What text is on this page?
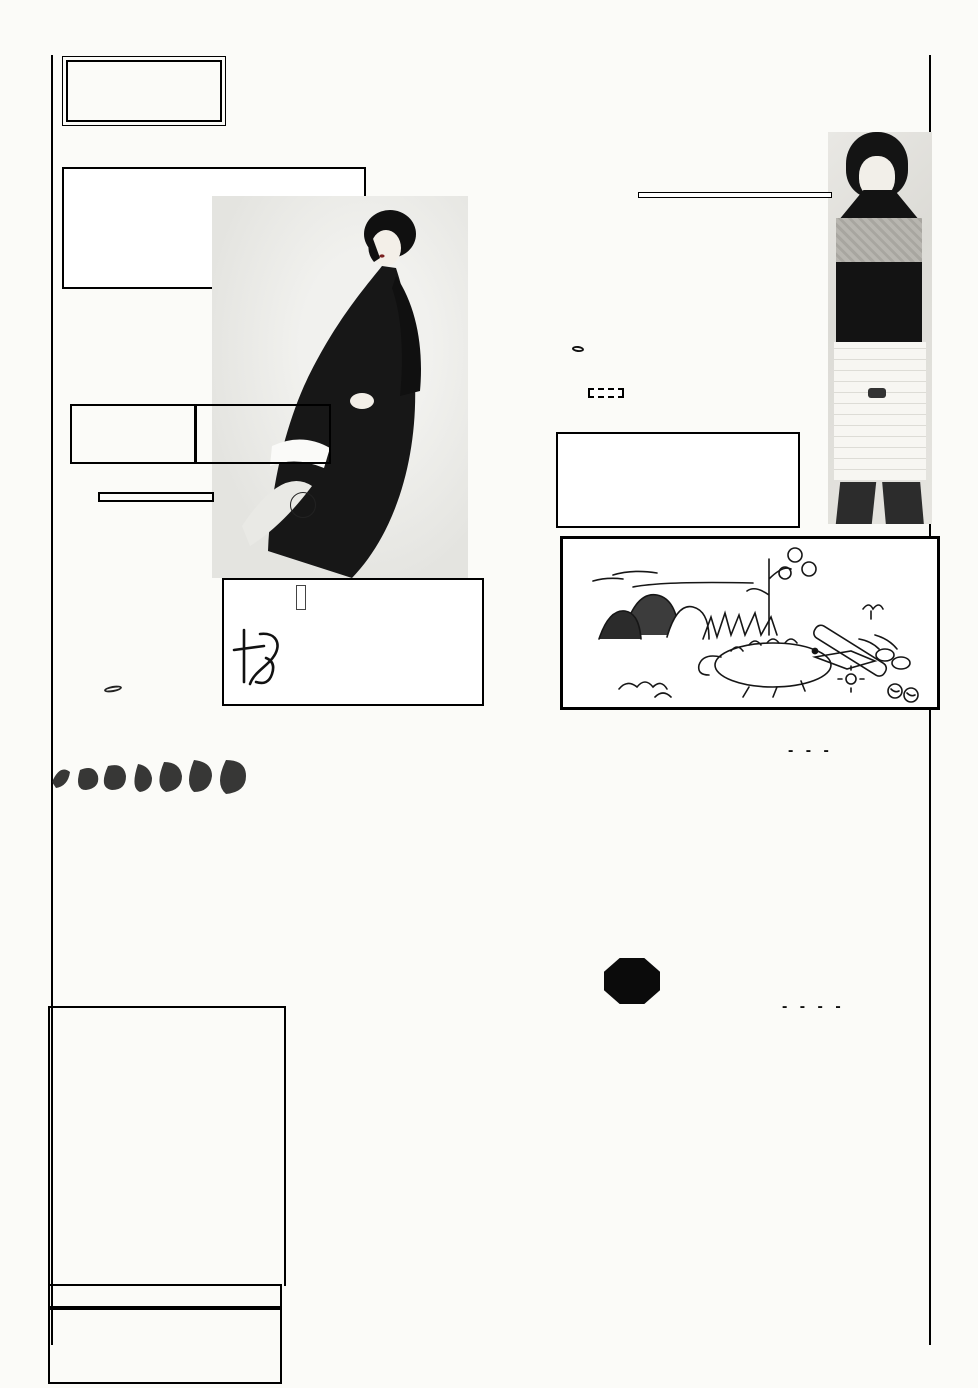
- - -
- - - -
